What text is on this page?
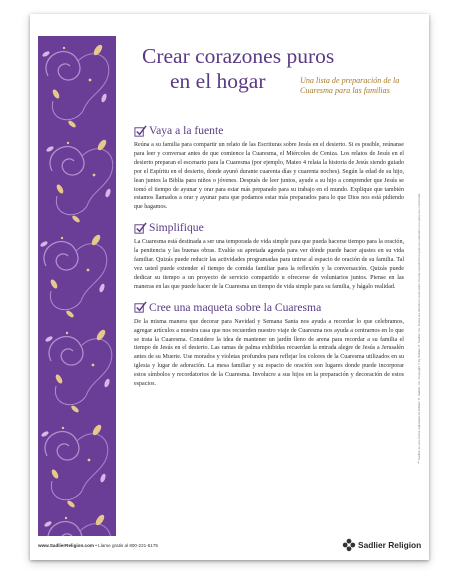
Crear corazones puros
en el hogar	Una lista de preparación de la Cuaresma para las familias
Vaya a la fuente

Reúna a su familia para compartir un relato de las Escrituras sobre Jesús en el desierto. Si es posible, reúnanse para leer y conversar antes de que comience la Cuaresma, el Miércoles de Ceniza. Los relatos de Jesús en el desierto preparan el escenario para la Cuaresma (por ejemplo, Mateo 4 relata la historia de Jesús siendo guiado por el Espíritu en el desierto, donde ayunó durante cuarenta días y cuarenta noches). Según la edad de su hijo, lean juntos la Biblia para niños o jóvenes. Después de leer juntos, ayude a su hijo a comprender que Jesús se tomó el tiempo de ayunar y orar para estar más preparado para su trabajo en el mundo. Explique que también estamos llamados a orar y ayunar para que podamos estar más preparados para lo que Dios nos está pidiendo que hagamos.

Simplifique

La Cuaresma está destinada a ser una temporada de vida simple para que pueda hacerse tiempo para la oración, la penitencia y las buenas obras. Evalúe su apretada agenda para ver dónde puede hacer ajustes en su vida familiar. Quizás puede reducir las actividades programadas para unirse al espacio de oración de su familia. Tal vez usted puede extender el tiempo de comida familiar para la reflexión y la conversación. Quizás puede dedicar su tiempo a un proyecto de servicio compartido u ofrecerse de voluntarios juntos. Piense en las maneras en las que puede hacer de la Cuaresma un tiempo de vida simple para su familia, y hágalo realidad.

Cree una maqueta sobre la Cuaresma

De la misma manera que decorar para Navidad y Semana Santa nos ayuda a recordar lo que celebramos, agregar artículos a nuestra casa que nos recuerden nuestro viaje de Cuaresma nos ayuda a centrarnos en lo que se trata la Cuaresma. Considere la idea de mantener un jardín lleno de arena para recordar a su familia el tiempo de Jesús en el desierto. Las ramas de palma exhibidas recuerdan la entrada alegre de Jesús a Jerusalén antes de su Muerte. Use morados y violetas profundos para reflejar los colores de la Cuaresma utilizados en su iglesia y lugar de adoración. La mesa familiar y su espacio de oración son lugares donde puede incorporar estos símbolos y recordatorios de la Cuaresma. Involucre a sus hijos en la preparación y decoración de estos espacios.	™ Sadlier es una marca registrada de William H. Sadlier, Inc. Copyright © by William H. Sadlier, Inc. Todos los derechos reservados. Puede reproducirse para uso educativo (no para uso comercial).
www.SadlierReligion.com • Llame gratis al 800-221-5175	Sadlier Religion
